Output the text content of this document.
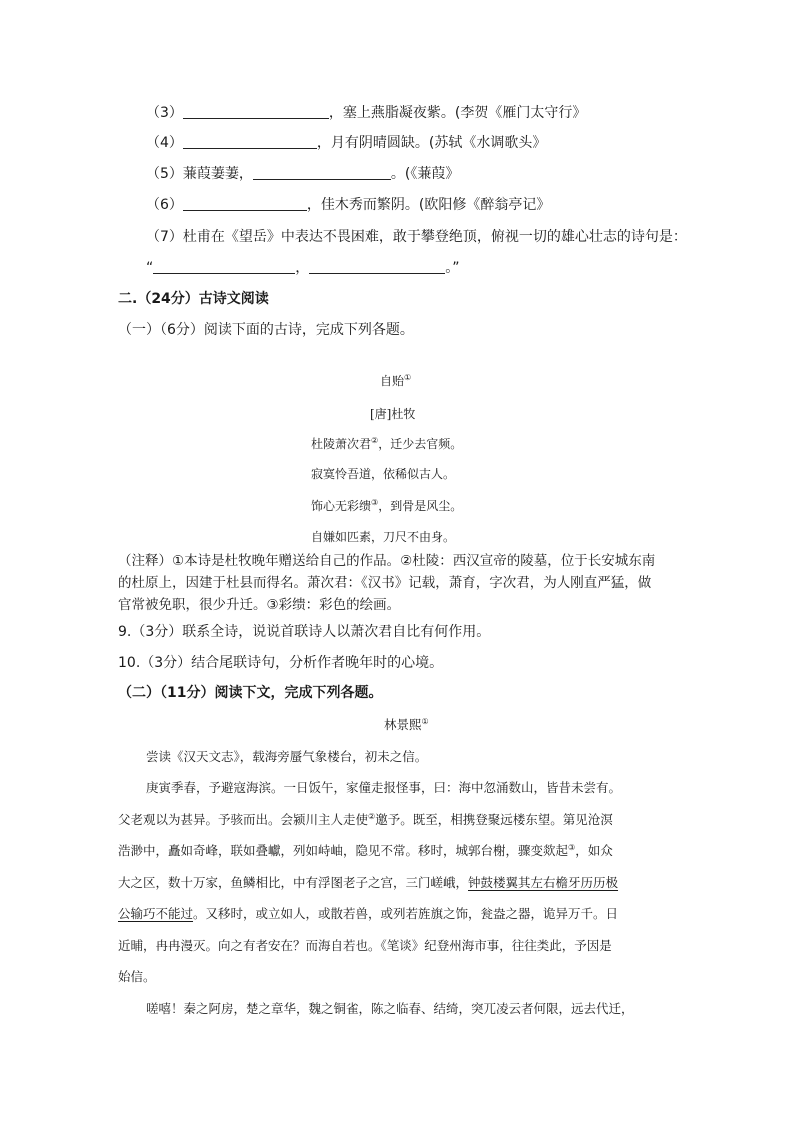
（3）	，塞上燕脂凝夜紫。(李贺《雁门太守行》
（4）	，月有阴晴圆缺。(苏轼《水调歌头》
（5）蒹葭萋萋，	。(《蒹葭》
（6）	，佳木秀而繁阴。(欧阳修《醉翁亭记》
（7）杜甫在《望岳》中表达不畏困难，敢于攀登绝顶，俯视一切的雄心壮志的诗句是：
“	，	。”
二.（24分）古诗文阅读
（一）（6分）阅读下面的古诗，完成下列各题。
自贻①
[唐]杜牧
杜陵萧次君②，迁少去官频。
寂寞怜吾道，依稀似古人。
饰心无彩缋③，到骨是风尘。
自嫌如匹素，刀尺不由身。
（注释）①本诗是杜牧晚年赠送给自己的作品。②杜陵：西汉宣帝的陵墓，位于长安城东南
的杜原上，因建于杜县而得名。萧次君：《汉书》记载，萧育，字次君，为人刚直严猛，做
官常被免职，很少升迁。③彩缋：彩色的绘画。
9.（3分）联系全诗，说说首联诗人以萧次君自比有何作用。
10.（3分）结合尾联诗句，分析作者晚年时的心境。
（二）（11分）阅读下文，完成下列各题。
林景熙①
尝读《汉天文志》，载海旁蜃气象楼台，初未之信。
庚寅季春，予避寇海滨。一日饭午，家僮走报怪事，曰：海中忽涌数山，皆昔未尝有。
父老观以为甚异。予骇而出。会颍川主人走使②邀予。既至，相携登聚远楼东望。第见沧溟
浩渺中，矗如奇峰，联如叠巘，列如峙岫，隐见不常。移时，城郭台榭，骤变欻起③，如众
大之区，数十万家，鱼鳞相比，中有浮图老子之宫，三门嵯峨，钟鼓楼翼其左右檐牙历历极
公输巧不能过。又移时，或立如人，或散若兽，或列若旌旗之饰，瓮盎之器，诡异万千。日
近晡，冉冉漫灭。向之有者安在？而海自若也。《笔谈》纪登州海市事，往往类此，予因是
始信。
嗟嘻！秦之阿房，楚之章华，魏之铜雀，陈之临春、结绮，突兀凌云者何限，远去代迁，
